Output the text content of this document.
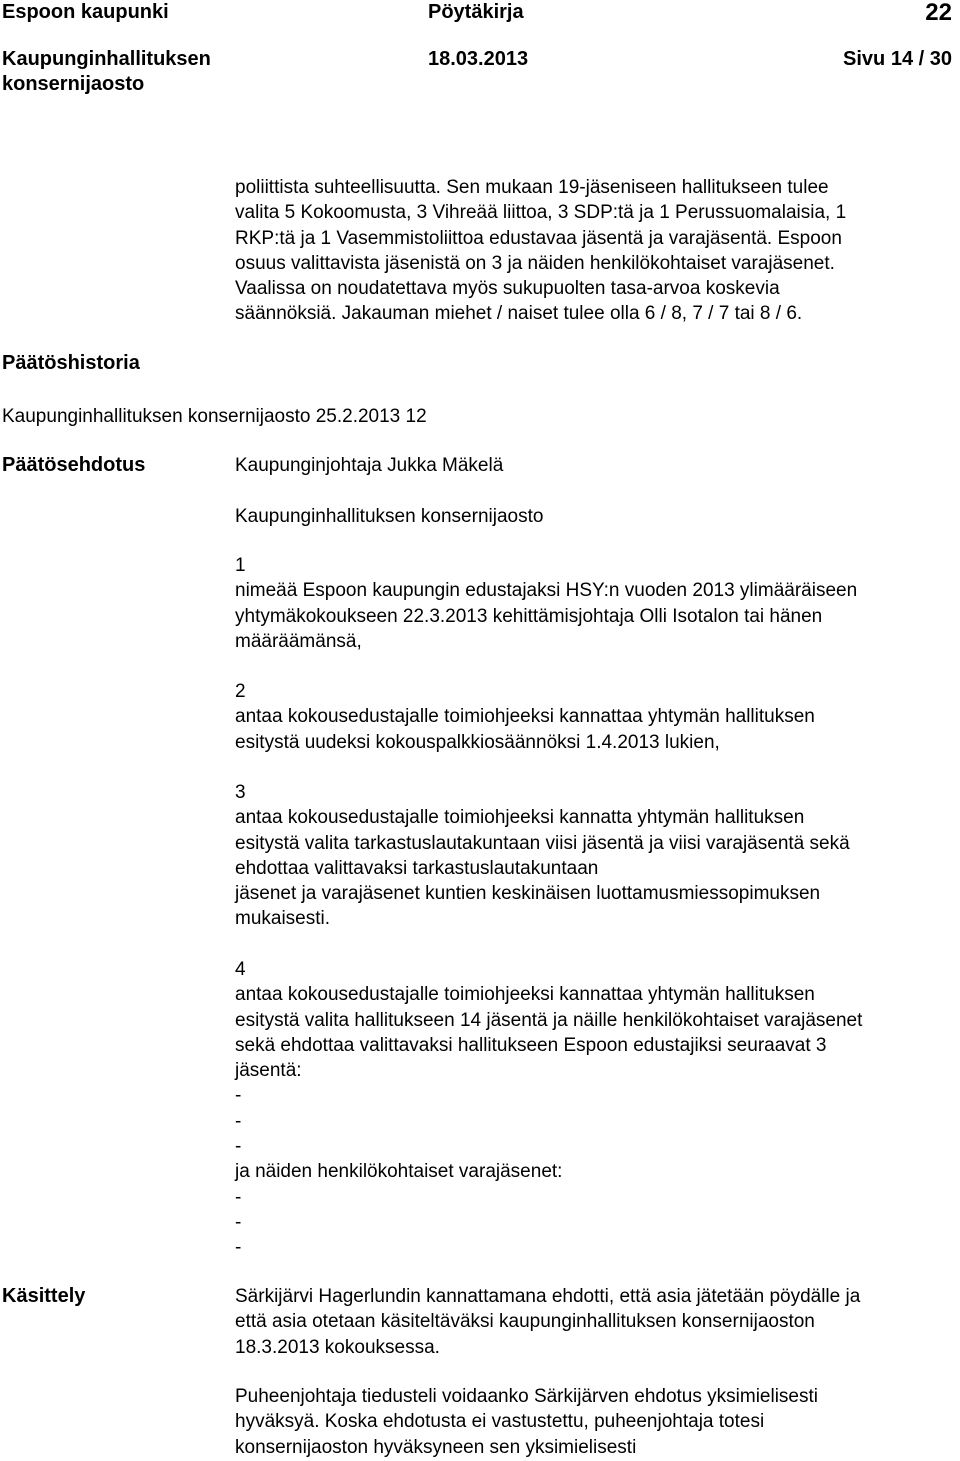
Espoon kaupunki	Pöytäkirja	22
Kaupunginhallituksen
konsernijaosto
18.03.2013	Sivu 14 / 30
poliittista suhteellisuutta. Sen mukaan 19-jäseniseen hallitukseen tulee
valita 5 Kokoomusta, 3 Vihreää liittoa, 3 SDP:tä ja 1 Perussuomalaisia, 1
RKP:tä ja 1 Vasemmistoliittoa edustavaa jäsentä ja varajäsentä. Espoon
osuus valittavista jäsenistä on 3 ja näiden henkilökohtaiset varajäsenet.
Vaalissa on noudatettava myös sukupuolten tasa-arvoa koskevia
säännöksiä. Jakauman miehet / naiset tulee olla 6 / 8, 7 / 7 tai 8 / 6.
Päätöshistoria
Kaupunginhallituksen konsernijaosto 25.2.2013 12
Päätösehdotus	Kaupunginjohtaja Jukka Mäkelä
Kaupunginhallituksen konsernijaosto
1
nimeää Espoon kaupungin edustajaksi HSY:n vuoden 2013 ylimääräiseen
yhtymäkokoukseen 22.3.2013 kehittämisjohtaja Olli Isotalon tai hänen
määräämänsä,
2
antaa kokousedustajalle toimiohjeeksi kannattaa yhtymän hallituksen
esitystä uudeksi kokouspalkkiosäännöksi 1.4.2013 lukien,
3
antaa kokousedustajalle toimiohjeeksi kannatta yhtymän hallituksen
esitystä valita tarkastuslautakuntaan viisi jäsentä ja viisi varajäsentä sekä
ehdottaa valittavaksi tarkastuslautakuntaan
jäsenet ja varajäsenet kuntien keskinäisen luottamusmiessopimuksen
mukaisesti.
4
antaa kokousedustajalle toimiohjeeksi kannattaa yhtymän hallituksen
esitystä valita hallitukseen 14 jäsentä ja näille henkilökohtaiset varajäsenet
sekä ehdottaa valittavaksi hallitukseen Espoon edustajiksi seuraavat 3
jäsentä:
-
-
-
ja näiden henkilökohtaiset varajäsenet:
-
-
-
Käsittely	Särkijärvi Hagerlundin kannattamana ehdotti, että asia jätetään pöydälle ja
että asia otetaan käsiteltäväksi kaupunginhallituksen konsernijaoston
18.3.2013 kokouksessa.
Puheenjohtaja tiedusteli voidaanko Särkijärven ehdotus yksimielisesti
hyväksyä. Koska ehdotusta ei vastustettu, puheenjohtaja totesi
konsernijaoston hyväksyneen sen yksimielisesti
